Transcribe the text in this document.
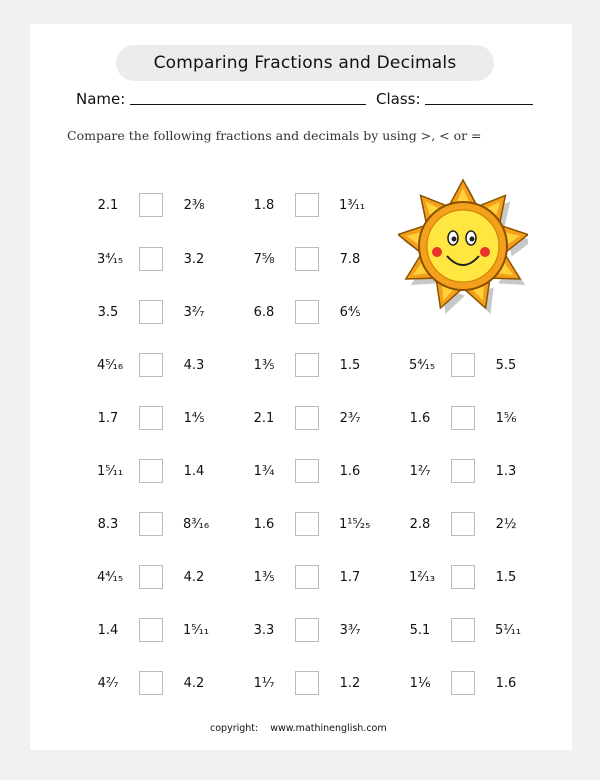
Comparing Fractions and Decimals
Name:	Class:
Compare the following fractions and decimals by using >, < or =
2.1	2⅜	1.8	1³⁄₁₁
3⁴⁄₁₅	3.2	7⅝	7.8
3.5	3²⁄₇	6.8	6⅘
4⁵⁄₁₆	4.3	1⅗	1.5	5⁴⁄₁₅	5.5
1.7	1⅘	2.1	2³⁄₇	1.6	1⅚
1⁵⁄₁₁	1.4	1¾	1.6	1²⁄₇	1.3
8.3	8³⁄₁₆	1.6	1¹⁵⁄₂₅	2.8	2½
4⁴⁄₁₅	4.2	1⅗	1.7	1²⁄₁₃	1.5
1.4	1⁵⁄₁₁	3.3	3³⁄₇	5.1	5¹⁄₁₁
4²⁄₇	4.2	1¹⁄₇	1.2	1⅙	1.6
copyright: www.mathinenglish.com
